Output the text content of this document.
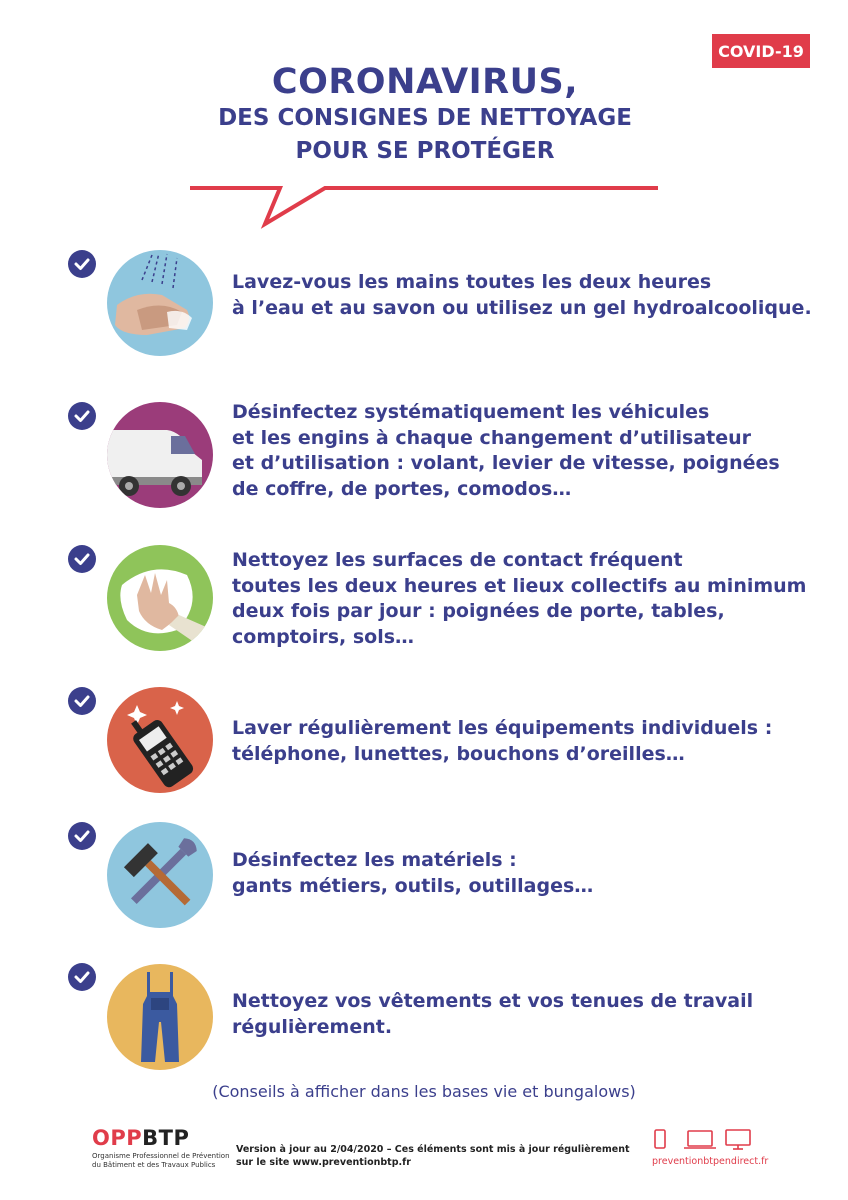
COVID-19
CORONAVIRUS,
DES CONSIGNES DE NETTOYAGE
POUR SE PROTÉGER
Lavez-vous les mains toutes les deux heures
à l’eau et au savon ou utilisez un gel hydroalcoolique.
Désinfectez systématiquement les véhicules
et les engins à chaque changement d’utilisateur
et d’utilisation : volant, levier de vitesse, poignées
de coffre, de portes, comodos…
Nettoyez les surfaces de contact fréquent
toutes les deux heures et lieux collectifs au minimum
deux fois par jour : poignées de porte, tables,
comptoirs, sols…
Laver régulièrement les équipements individuels :
téléphone, lunettes, bouchons d’oreilles…
Désinfectez les matériels :
gants métiers, outils, outillages…
Nettoyez vos vêtements et vos tenues de travail
régulièrement.
(Conseils à afficher dans les bases vie et bungalows)
OPPBTP
Organisme Professionnel de Prévention
du Bâtiment et des Travaux Publics
Version à jour au 2/04/2020 – Ces éléments sont mis à jour régulièrement
sur le site www.preventionbtp.fr	preventionbtpendirect.fr
